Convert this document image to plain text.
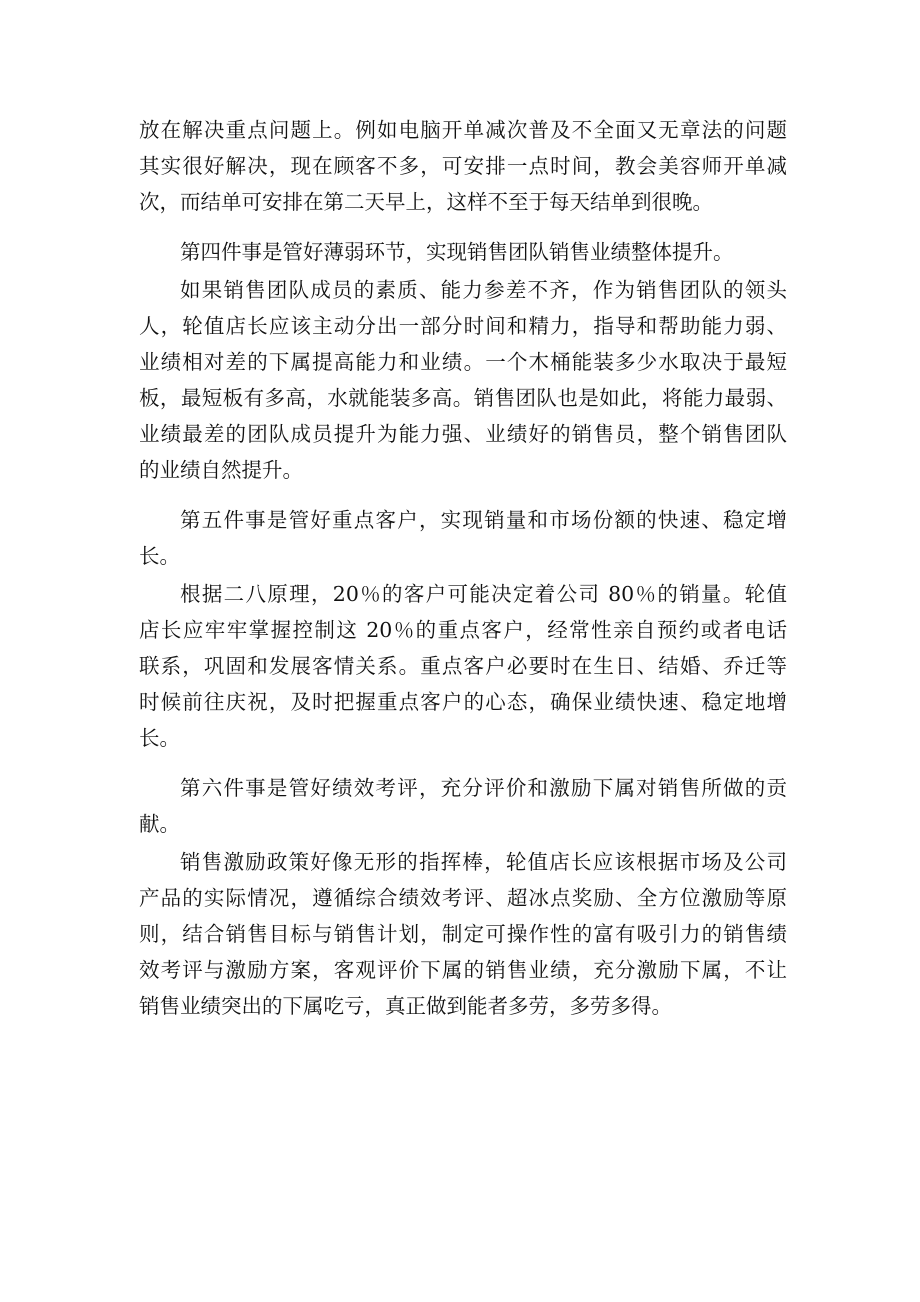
放在解决重点问题上。例如电脑开单减次普及不全面又无章法的问题
其实很好解决，现在顾客不多，可安排一点时间，教会美容师开单减
次，而结单可安排在第二天早上，这样不至于每天结单到很晚。
第四件事是管好薄弱环节，实现销售团队销售业绩整体提升。
如果销售团队成员的素质、能力参差不齐，作为销售团队的领头
人，轮值店长应该主动分出一部分时间和精力，指导和帮助能力弱、
业绩相对差的下属提高能力和业绩。一个木桶能装多少水取决于最短
板，最短板有多高，水就能装多高。销售团队也是如此，将能力最弱、
业绩最差的团队成员提升为能力强、业绩好的销售员，整个销售团队
的业绩自然提升。
第五件事是管好重点客户，实现销量和市场份额的快速、稳定增
长。
根据二八原理，20％的客户可能决定着公司 80％的销量。轮值
店长应牢牢掌握控制这 20％的重点客户，经常性亲自预约或者电话
联系，巩固和发展客情关系。重点客户必要时在生日、结婚、乔迁等
时候前往庆祝，及时把握重点客户的心态，确保业绩快速、稳定地增
长。
第六件事是管好绩效考评，充分评价和激励下属对销售所做的贡
献。
销售激励政策好像无形的指挥棒，轮值店长应该根据市场及公司
产品的实际情况，遵循综合绩效考评、超冰点奖励、全方位激励等原
则，结合销售目标与销售计划，制定可操作性的富有吸引力的销售绩
效考评与激励方案，客观评价下属的销售业绩，充分激励下属，不让
销售业绩突出的下属吃亏，真正做到能者多劳，多劳多得。
